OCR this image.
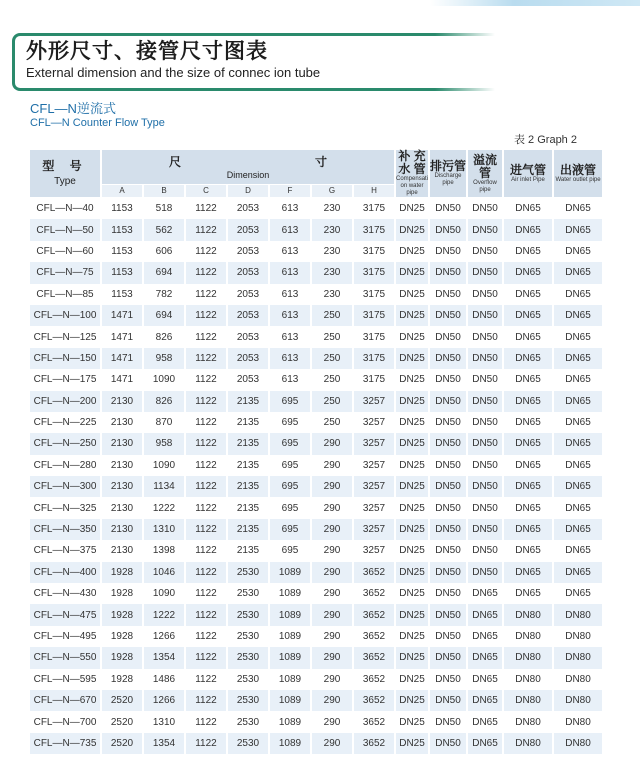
外形尺寸、接管尺寸图表
External dimension and the size of connec ion tube
CFL—N逆流式
CFL—N Counter Flow Type
表 2 Graph 2
型 号
Type	尺 寸
Dimension							补 充
水 管
Compensati on water pipe	排污管
Discharge pipe	溢流管
Overflow pipe	进气管
Air inlet Pipe	出液管
Water outlet pipe

	A	B	C	D	F	G	H					
CFL—N—40	1153	518	1122	2053	613	230	3175	DN25	DN50	DN50	DN65	DN65
CFL—N—50	1153	562	1122	2053	613	230	3175	DN25	DN50	DN50	DN65	DN65
CFL—N—60	1153	606	1122	2053	613	230	3175	DN25	DN50	DN50	DN65	DN65
CFL—N—75	1153	694	1122	2053	613	230	3175	DN25	DN50	DN50	DN65	DN65
CFL—N—85	1153	782	1122	2053	613	230	3175	DN25	DN50	DN50	DN65	DN65
CFL—N—100	1471	694	1122	2053	613	250	3175	DN25	DN50	DN50	DN65	DN65
CFL—N—125	1471	826	1122	2053	613	250	3175	DN25	DN50	DN50	DN65	DN65
CFL—N—150	1471	958	1122	2053	613	250	3175	DN25	DN50	DN50	DN65	DN65
CFL—N—175	1471	1090	1122	2053	613	250	3175	DN25	DN50	DN50	DN65	DN65
CFL—N—200	2130	826	1122	2135	695	250	3257	DN25	DN50	DN50	DN65	DN65
CFL—N—225	2130	870	1122	2135	695	250	3257	DN25	DN50	DN50	DN65	DN65
CFL—N—250	2130	958	1122	2135	695	290	3257	DN25	DN50	DN50	DN65	DN65
CFL—N—280	2130	1090	1122	2135	695	290	3257	DN25	DN50	DN50	DN65	DN65
CFL—N—300	2130	1134	1122	2135	695	290	3257	DN25	DN50	DN50	DN65	DN65
CFL—N—325	2130	1222	1122	2135	695	290	3257	DN25	DN50	DN50	DN65	DN65
CFL—N—350	2130	1310	1122	2135	695	290	3257	DN25	DN50	DN50	DN65	DN65
CFL—N—375	2130	1398	1122	2135	695	290	3257	DN25	DN50	DN50	DN65	DN65
CFL—N—400	1928	1046	1122	2530	1089	290	3652	DN25	DN50	DN50	DN65	DN65
CFL—N—430	1928	1090	1122	2530	1089	290	3652	DN25	DN50	DN65	DN65	DN65
CFL—N—475	1928	1222	1122	2530	1089	290	3652	DN25	DN50	DN65	DN80	DN80
CFL—N—495	1928	1266	1122	2530	1089	290	3652	DN25	DN50	DN65	DN80	DN80
CFL—N—550	1928	1354	1122	2530	1089	290	3652	DN25	DN50	DN65	DN80	DN80
CFL—N—595	1928	1486	1122	2530	1089	290	3652	DN25	DN50	DN65	DN80	DN80
CFL—N—670	2520	1266	1122	2530	1089	290	3652	DN25	DN50	DN65	DN80	DN80
CFL—N—700	2520	1310	1122	2530	1089	290	3652	DN25	DN50	DN65	DN80	DN80
CFL—N—735	2520	1354	1122	2530	1089	290	3652	DN25	DN50	DN65	DN80	DN80
